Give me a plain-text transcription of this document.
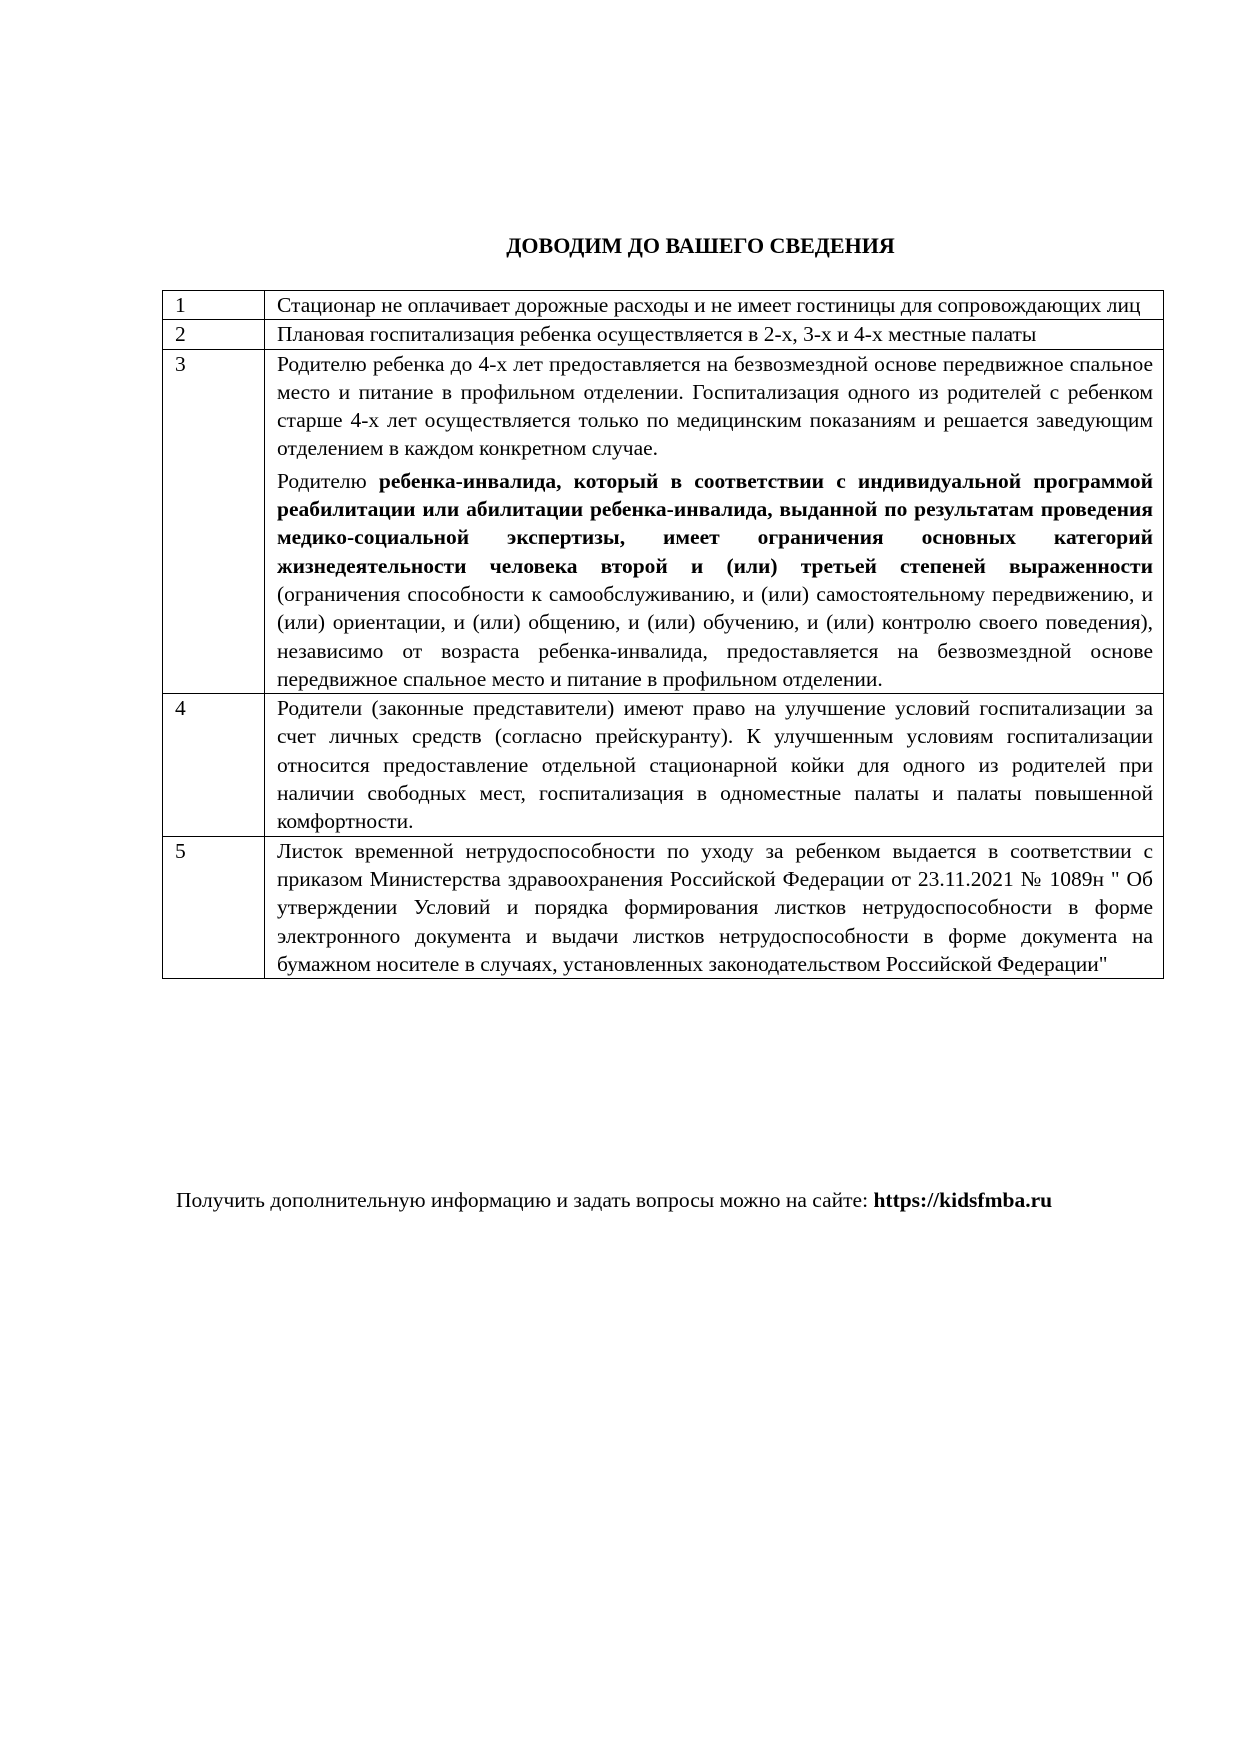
ДОВОДИМ ДО ВАШЕГО СВЕДЕНИЯ
1	Стационар не оплачивает дорожные расходы и не имеет гостиницы для сопровождающих лиц
2	Плановая госпитализация ребенка осуществляется в 2-х, 3-х и 4-х местные палаты
3	Родителю ребенка до 4-х лет предоставляется на безвозмездной основе передвижное спальное место и питание в профильном отделении. Госпитализация одного из родителей с ребенком старше 4-х лет осуществляется только по медицинским показаниям и решается заведующим отделением в каждом конкретном случае.

Родителю ребенка-инвалида, который в соответствии с индивидуальной программой реабилитации или абилитации ребенка-инвалида, выданной по результатам проведения медико-социальной экспертизы, имеет ограничения основных категорий жизнедеятельности человека второй и (или) третьей степеней выраженности (ограничения способности к самообслуживанию, и (или) самостоятельному передвижению, и (или) ориентации, и (или) общению, и (или) обучению, и (или) контролю своего поведения), независимо от возраста ребенка-инвалида, предоставляется на безвозмездной основе передвижное спальное место и питание в профильном отделении.

4	Родители (законные представители) имеют право на улучшение условий госпитализации за счет личных средств (согласно прейскуранту). К улучшенным условиям госпитализации относится предоставление отдельной стационарной койки для одного из родителей при наличии свободных мест, госпитализация в одноместные палаты и палаты повышенной комфортности.
5	Листок временной нетрудоспособности по уходу за ребенком выдается в соответствии с приказом Министерства здравоохранения Российской Федерации от 23.11.2021 № 1089н " Об утверждении Условий и порядка формирования листков нетрудоспособности в форме электронного документа и выдачи листков нетрудоспособности в форме документа на бумажном носителе в случаях, установленных законодательством Российской Федерации"

Получить дополнительную информацию и задать вопросы можно на сайте: https://kidsfmba.ru
